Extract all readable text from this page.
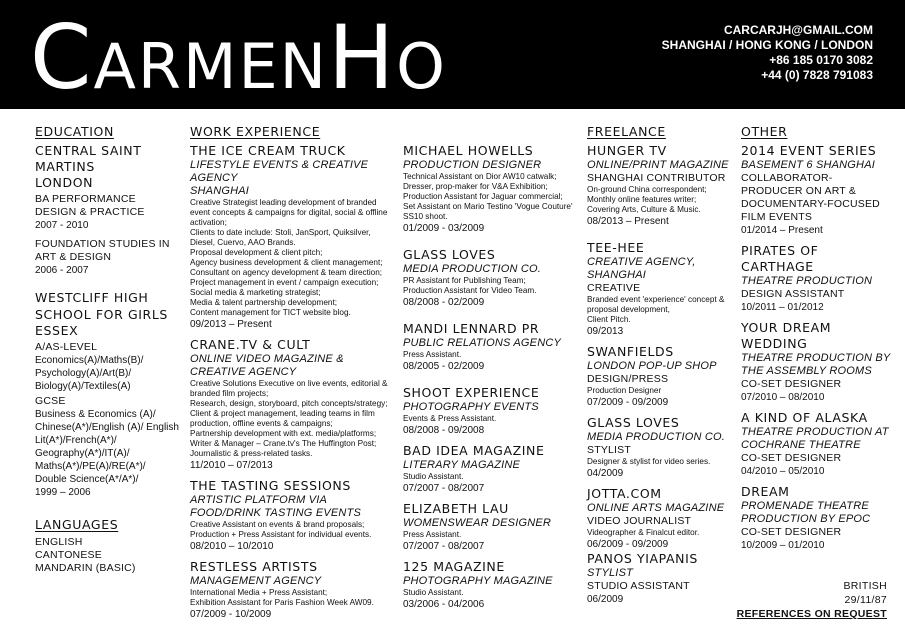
CARMENHO	CARCARJH@GMAIL.COM
SHANGHAI / HONG KONG / LONDON
+86 185 0170 3082
+44 (0) 7828 791083
EDUCATION
CENTRAL SAINT MARTINS
LONDON
BA PERFORMANCE DESIGN & PRACTICE
2007 - 2010
FOUNDATION STUDIES IN ART & DESIGN
2006 - 2007
WESTCLIFF HIGH SCHOOL FOR GIRLS
ESSEX
A/AS-LEVEL
Economics(A)/Maths(B)/ Psychology(A)/Art(B)/ Biology(A)/Textiles(A)
GCSE
Business & Economics (A)/ Chinese(A*)/English (A)/ English Lit(A*)/French(A*)/ Geography(A*)/IT(A)/ Maths(A*)/PE(A)/RE(A*)/ Double Science(A*/A*)/
1999 – 2006
LANGUAGES
ENGLISH
CANTONESE
MANDARIN (BASIC)
WORK EXPERIENCE
THE ICE CREAM TRUCK
LIFESTYLE EVENTS & CREATIVE AGENCY
SHANGHAI
Creative Strategist leading development of branded event concepts & campaigns for digital, social & offline activation;
Clients to date include: Stoli, JanSport, Quiksilver, Diesel, Cuervo, AAO Brands.
Proposal development & client pitch;
Agency business development & client management;
Consultant on agency development & team direction;
Project management in event / campaign execution;
Social media & marketing strategist;
Media & talent partnership development;
Content management for TICT website blog.
09/2013 – Present
CRANE.TV & CULT
ONLINE VIDEO MAGAZINE & CREATIVE AGENCY
Creative Solutions Executive on live events, editorial & branded film projects;
Research, design, storyboard, pitch concepts/strategy;
Client & project management, leading teams in film production, offline events & campaigns;
Partnership development with ext. media/platforms;
Writer & Manager – Crane.tv's The Huffington Post; Journalistic & press-related tasks.
11/2010 – 07/2013
THE TASTING SESSIONS
ARTISTIC PLATFORM VIA FOOD/DRINK TASTING EVENTS
Creative Assistant on events & brand proposals;
Production + Press Assistant for individual events.
08/2010 – 10/2010
RESTLESS ARTISTS
MANAGEMENT AGENCY
International Media + Press Assistant;
Exhibition Assistant for Paris Fashion Week AW09.
07/2009 - 10/2009
MICHAEL HOWELLS
PRODUCTION DESIGNER
Technical Assistant on Dior AW10 catwalk;
Dresser, prop-maker for V&A Exhibition;
Production Assistant for Jaguar commercial;
Set Assistant on Mario Testino 'Vogue Couture' SS10 shoot.
01/2009 - 03/2009
GLASS LOVES
MEDIA PRODUCTION CO.
PR Assistant for Publishing Team;
Production Assistant for Video Team.
08/2008 - 02/2009
MANDI LENNARD PR
PUBLIC RELATIONS AGENCY
Press Assistant.
08/2005 - 02/2009
SHOOT EXPERIENCE
PHOTOGRAPHY EVENTS
Events & Press Assistant.
08/2008 - 09/2008
BAD IDEA MAGAZINE
LITERARY MAGAZINE
Studio Assistant.
07/2007 - 08/2007
ELIZABETH LAU
WOMENSWEAR DESIGNER
Press Assistant.
07/2007 - 08/2007
125 MAGAZINE
PHOTOGRAPHY MAGAZINE
Studio Assistant.
03/2006 - 04/2006
FREELANCE
HUNGER TV
ONLINE/PRINT MAGAZINE
SHANGHAI CONTRIBUTOR
On-ground China correspondent;
Monthly online features writer;
Covering Arts, Culture & Music.
08/2013 – Present
TEE-HEE
CREATIVE AGENCY, SHANGHAI
CREATIVE
Branded event 'experience' concept & proposal development,
Client Pitch.
09/2013
SWANFIELDS
LONDON POP-UP SHOP
DESIGN/PRESS
Production Designer
07/2009 - 09/2009
GLASS LOVES
MEDIA PRODUCTION CO.
STYLIST
Designer & stylist for video series.
04/2009
JOTTA.COM
ONLINE ARTS MAGAZINE
VIDEO JOURNALIST
Videographer & Finalcut editor.
06/2009 - 09/2009
PANOS YIAPANIS
STYLIST
STUDIO ASSISTANT
06/2009
OTHER
2014 EVENT SERIES
BASEMENT 6 SHANGHAI
COLLABORATOR-PRODUCER ON ART & DOCUMENTARY-FOCUSED FILM EVENTS
01/2014 – Present
PIRATES OF CARTHAGE
THEATRE PRODUCTION
DESIGN ASSISTANT
10/2011 – 01/2012
YOUR DREAM WEDDING
THEATRE PRODUCTION BY THE ASSEMBLY ROOMS
CO-SET DESIGNER
07/2010 – 08/2010
A KIND OF ALASKA
THEATRE PRODUCTION AT COCHRANE THEATRE
CO-SET DESIGNER
04/2010 – 05/2010
DREAM
PROMENADE THEATRE PRODUCTION BY EPOC
CO-SET DESIGNER
10/2009 – 01/2010
BRITISH
29/11/87
REFERENCES ON REQUEST
